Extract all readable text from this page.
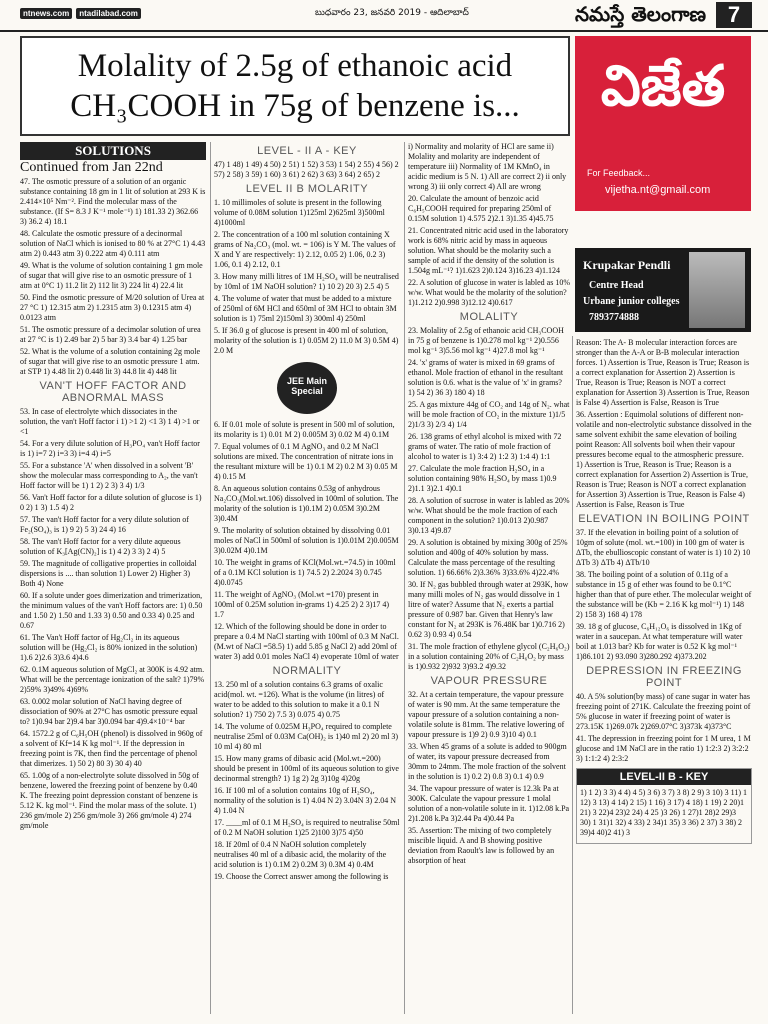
ntnews.com	ntadilabad.com	బుధవారం 23, జనవరి 2019 - ఆదిలాబాద్	నమస్తే తెలంగాణ 7
Molality of 2.5g of ethanoic acid
CH₃COOH in 75g of benzene is...	విజేత
For Feedback...
vijetha.nt@gmail.com
Krupakar Pendli
Centre Head
Urbane junior colleges
7893774888
SOLUTIONS
Continued from Jan 22nd

47. The osmotic pressure of a solution of an organic substance containing 18 gm in 1 lit of solution at 293 K is 2.414×10⁵ Nm⁻². Find the molecular mass of the substance. (If S= 8.3 J K⁻¹ mole⁻¹) 1) 181.33 2) 362.66 3) 36.2 4) 18.1

48. Calculate the osmotic pressure of a decinormal solution of NaCl which is ionised to 80 % at 27°C 1) 4.43 atm 2) 0.443 atm 3) 0.222 atm 4) 0.111 atm

49. What is the volume of solution containing 1 gm mole of sugar that will give rise to an osmotic pressure of 1 atm at 0°C 1) 11.2 lit 2) 112 lit 3) 224 lit 4) 22.4 lit

50. Find the osmotic pressure of M/20 solution of Urea at 27 °C 1) 12.315 atm 2) 1.2315 atm 3) 0.12315 atm 4) 0.0123 atm

51. The osmotic pressure of a decimolar solution of urea at 27 °C is 1) 2.49 bar 2) 5 bar 3) 3.4 bar 4) 1.25 bar

52. What is the volume of a solution containing 2g mole of sugar that will give rise to an osmotic pressure 1 atm. at STP 1) 4.48 lit 2) 0.448 lit 3) 44.8 lit 4) 448 lit

VAN'T HOFF FACTOR AND ABNORMAL MASS

53. In case of electrolyte which dissociates in the solution, the van't Hoff factor i 1) >1 2) <1 3) 1 4) >1 or <1

54. For a very dilute solution of H₃PO₄ van't Hoff factor is 1) i=7 2) i=3 3) i=4 4) i=5

55. For a substance 'A' when dissolved in a solvent 'B' show the molecular mass corresponding to A₂, the van't Hoff factor will be 1) 1 2) 2 3) 3 4) 1/3

56. Van't Hoff factor for a dilute solution of glucose is 1) 0 2) 1 3) 1.5 4) 2

57. The van't Hoff factor for a very dilute solution of Fe₂(SO₄)₃ is 1) 9 2) 5 3) 24 4) 16

58. The van't Hoff factor for a very dilute aqueous solution of K₃[Ag(CN)₂] is 1) 4 2) 3 3) 2 4) 5

59. The magnitude of colligative properties in colloidal dispersions is .... than solution 1) Lower 2) Higher 3) Both 4) None

60. If a solute under goes dimerization and trimerization, the minimum values of the van't Hoff factors are: 1) 0.50 and 1.50 2) 1.50 and 1.33 3) 0.50 and 0.33 4) 0.25 and 0.67

61. The Van't Hoff factor of Hg₂Cl₂ in its aqueous solution will be (Hg₂Cl₂ is 80% ionized in the solution) 1).6 2)2.6 3)3.6 4)4.6

62. 0.1M aqueous solution of MgCl₂ at 300K is 4.92 atm. What will be the percentage ionization of the salt? 1)79% 2)59% 3)49% 4)69%

63. 0.002 molar solution of NaCl having degree of dissociation of 90% at 27°C has osmotic pressure equal to? 1)0.94 bar 2)9.4 bar 3)0.094 bar 4)9.4×10⁻⁴ bar

64. 1572.2 g of C₆H₅OH (phenol) is dissolved in 960g of a solvent of Kf=14 K kg mol⁻¹. If the depression in freezing point is 7K, then find the percentage of phenol that dimerizes. 1) 50 2) 80 3) 30 4) 40

65. 1.00g of a non-electrolyte solute dissolved in 50g of benzene, lowered the freezing point of benzene by 0.40 K. The freezing point depression constant of benzene is 5.12 K. kg mol⁻¹. Find the molar mass of the solute. 1) 236 gm/mole 2) 256 gm/mole 3) 266 gm/mole 4) 274 gm/mole

LEVEL - II A - KEY

47) 1 48) 1 49) 4 50) 2 51) 1 52) 3 53) 1 54) 2 55) 4 56) 2 57) 2 58) 3 59) 1 60) 3 61) 2 62) 3 63) 3 64) 2 65) 2

LEVEL II B MOLARITY

1. 10 millimoles of solute is present in the following volume of 0.08M solution 1)125ml 2)625ml 3)500ml 4)1000ml

2. The concentration of a 100 ml solution containing X grams of Na₂CO₃ (mol. wt. = 106) is Y M. The values of X and Y are respectively: 1) 2.12, 0.05 2) 1.06, 0.2 3) 1.06, 0.1 4) 2.12, 0.1

3. How many milli litres of 1M H₂SO₄ will be neutralised by 10ml of 1M NaOH solution? 1) 10 2) 20 3) 2.5 4) 5

4. The volume of water that must be added to a mixture of 250ml of 6M HCl and 650ml of 3M HCl to obtain 3M solution is 1) 75ml 2)150ml 3) 300ml 4) 250ml

5. If 36.0 g of glucose is present in 400 ml of solution, molarity of the solution is 1) 0.05M 2) 11.0 M 3) 0.5M 4) 2.0 M

JEE Main Special

6. If 0.01 mole of solute is present in 500 ml of solution, its molarity is 1) 0.01 M 2) 0.005M 3) 0.02 M 4) 0.1M

7. Equal volumes of 0.1 M AgNO₃ and 0.2 M NaCl solutions are mixed. The concentration of nitrate ions in the resultant mixture will be 1) 0.1 M 2) 0.2 M 3) 0.05 M 4) 0.15 M

8. An aqueous solution contains 0.53g of anhydrous Na₂CO₃(Mol.wt.106) dissolved in 100ml of solution. The molarity of the solution is 1)0.1M 2) 0.05M 3)0.2M 3)0.4M

9. The molarity of solution obtained by dissolving 0.01 moles of NaCl in 500ml of solution is 1)0.01M 2)0.005M 3)0.02M 4)0.1M

10. The weight in grams of KCl(Mol.wt.=74.5) in 100ml of a 0.1M KCl solution is 1) 74.5 2) 2.2024 3) 0.745 4)0.0745

11. The weight of AgNO₃ (Mol.wt =170) present in 100ml of 0.25M solution in-grams 1) 4.25 2) 2 3)17 4) 1.7

12. Which of the following should be done in order to prepare a 0.4 M NaCl starting with 100ml of 0.3 M NaCl. (M.wt of NaCl =58.5) 1) add 5.85 g NaCl 2) add 20ml of water 3) add 0.01 moles NaCl 4) evoperate 10ml of water

NORMALITY

13. 250 ml of a solution contains 6.3 grams of oxalic acid(mol. wt. =126). What is the volume (in litres) of water to be added to this solution to make it a 0.1 N solution? 1) 750 2) 7.5 3) 0.075 4) 0.75

14. The volume of 0.025M H₃PO₄ required to complete neutralise 25ml of 0.03M Ca(OH)₂ is 1)40 ml 2) 20 ml 3) 10 ml 4) 80 ml

15. How many grams of dibasic acid (Mol.wt.=200) should be present in 100ml of its aqueous solution to give decinormal strength? 1) 1g 2) 2g 3)10g 4)20g

16. If 100 ml of a solution contains 10g of H₂SO₄, normality of the solution is 1) 4.04 N 2) 3.04N 3) 2.04 N 4) 1.04 N

17. ____ml of 0.1 M H₂SO₄ is required to neutralise 50ml of 0.2 M NaOH solution 1)25 2)100 3)75 4)50

18. If 20ml of 0.4 N NaOH solution completely neutralises 40 ml of a dibasic acid, the molarity of the acid solution is 1) 0.1M 2) 0.2M 3) 0.3M 4) 0.4M

19. Choose the Correct answer among the following is

i) Normality and molarity of HCl are same ii) Molality and molarity are independent of temperature iii) Normality of 1M KMnO₄ in acidic medium is 5 N. 1) All are correct 2) ii only wrong 3) iii only correct 4) All are wrong

20. Calculate the amount of benzoic acid C₆H₅COOH required for preparing 250ml of 0.15M solution 1) 4.575 2)2.1 3)1.35 4)45.75

21. Concentrated nitric acid used in the laboratory work is 68% nitric acid by mass in aqueous solution. What should be the molarity such a sample of acid if the density of the solution is 1.504g mL⁻¹? 1)1.623 2)0.124 3)16.23 4)1.124

22. A solution of glucose in water is labled as 10% w/w. What would be the molarity of the solution? 1)1.212 2)0.998 3)12.12 4)0.617

MOLALITY

23. Molality of 2.5g of ethanoic acid CH₃COOH in 75 g of benzene is 1)0.278 mol kg⁻¹ 2)0.556 mol kg⁻¹ 3)5.56 mol kg⁻¹ 4)27.8 mol kg⁻¹

24. 'x' grams of water is mixed in 69 grams of ethanol. Mole fraction of ethanol in the resultant solution is 0.6. what is the value of 'x' in grams? 1) 54 2) 36 3) 180 4) 18

25. A gas mixture 44g of CO₂ and 14g of N₂. what will be mole fraction of CO₂ in the mixture 1)1/5 2)1/3 3) 2/3 4) 1/4

26. 138 grams of ethyl alcohol is mixed with 72 grams of water. The ratio of mole fraction of alcohol to water is 1) 3:4 2) 1:2 3) 1:4 4) 1:1

27. Calculate the mole fraction H₂SO₄ in a solution containing 98% H₂SO₄ by mass 1)0.9 2)1.1 3)2.1 4)0.1

28. A solution of sucrose in water is labled as 20% w/w. What should be the mole fraction of each component in the solution? 1)0.013 2)0.987 3)0.13 4)9.87

29. A solution is obtained by mixing 300g of 25% solution and 400g of 40% solution by mass. Calculate the mass percentage of the resulting solution. 1) 66.66% 2)3.36% 3)33.6% 4)22.4%

30. If N₂ gas bubbled through water at 293K, how many milli moles of N₂ gas would dissolve in 1 litre of water? Assume that N₂ exerts a partial pressure of 0.987 bar. Given that Henry's law constant for N₂ at 293K is 76.48K bar 1)0.716 2) 0.62 3) 0.93 4) 0.54

31. The mole fraction of ethylene glycol (C₂H₆O₂) in a solution containing 20% of C₂H₆O₂ by mass is 1)0.932 2)932 3)93.2 4)9.32

VAPOUR PRESSURE

32. At a certain temperature, the vapour pressure of water is 90 mm. At the same temperature the vapour pressure of a solution containing a non-volatile solute is 81mm. The relative lowering of vapour pressure is 1)9 2) 0.9 3)10 4) 0.1

33. When 45 grams of a solute is added to 900gm of water, its vapour pressure decreased from 30mm to 24mm. The mole fraction of the solvent in the solution is 1) 0.2 2) 0.8 3) 0.1 4) 0.9

34. The vapour pressure of water is 12.3k Pa at 300K. Calculate the vapour pressure 1 molal solution of a non-volatile solute in it. 1)12.08 k.Pa 2)1.208 k.Pa 3)2.44 Pa 4)0.44 Pa

35. Assertion: The mixing of two completely miscible liquid. A and B showing positive deviation from Raoult's law is followed by an absorption of heat

Reason: The A- B molecular interaction forces are stronger than the A-A or B-B molecular interaction forces. 1) Assertion is True, Reason is True; Reason is a correct explanation for Assertion 2) Assertion is True, Reason is True; Reason is NOT a correct explanation for Assertion 3) Assertion is True, Reason is False 4) Assertion is False, Reason is True

36. Assertion : Equimolal solutions of different non-volatile and non-electrolytic substance dissolved in the same solvent exhibit the same elevation of boiling point Reason: All solvents boil when their vapour pressures become equal to the atmospheric pressure. 1) Assertion is True, Reason is True; Reason is a correct explanation for Assertion 2) Assertion is True, Reason is True; Reason is NOT a correct explanation for Assertion 3) Assertion is True, Reason is False 4) Assertion is False, Reason is True

ELEVATION IN BOILING POINT

37. If the elevation in boiling point of a solution of 10gm of solute (mol. wt.=100) in 100 gm of water is ΔTb, the ebullioscopic constant of water is 1) 10 2) 10 ΔTb 3) ΔTb 4) ΔTb/10

38. The boiling point of a solution of 0.11g of a substance in 15 g of ether was found to be 0.1°C higher than that of pure ether. The molecular weight of the substance will be (Kb = 2.16 K kg mol⁻¹) 1) 148 2) 158 3) 168 4) 178

39. 18 g of glucose, C₆H₁₂O₆ is dissolved in 1Kg of water in a saucepan. At what temperature will water boil at 1.013 bar? Kb for water is 0.52 K kg mol⁻¹ 1)86.101 2) 93.090 3)280.292 4)373.202

DEPRESSION IN FREEZING POINT

40. A 5% solution(by mass) of cane sugar in water has freezing point of 271K. Calculate the freezing point of 5% glucose in water if freezing point of water is 273.15K 1)269.07k 2)269.07°C 3)373k 4)373°C

41. The depression in freezing point for 1 M urea, 1 M glucose and 1M NaCl are in the ratio 1) 1:2:3 2) 3:2:2 3) 1:1:2 4) 2:3:2

LEVEL-II B - KEY

1) 1 2) 3 3) 4 4) 4 5) 3 6) 3 7) 3 8) 2 9) 3 10) 3 11) 1 12) 3 13) 4 14) 2 15) 1 16) 3 17) 4 18) 1 19) 2 20)1 21) 3 22)4 23)2 24) 4 25 )3 26) 1 27)1 28)2 29)3 30) 1 31)1 32) 4 33) 2 34)1 35) 3 36) 2 37) 3 38) 2 39)4 40)2 41) 3
